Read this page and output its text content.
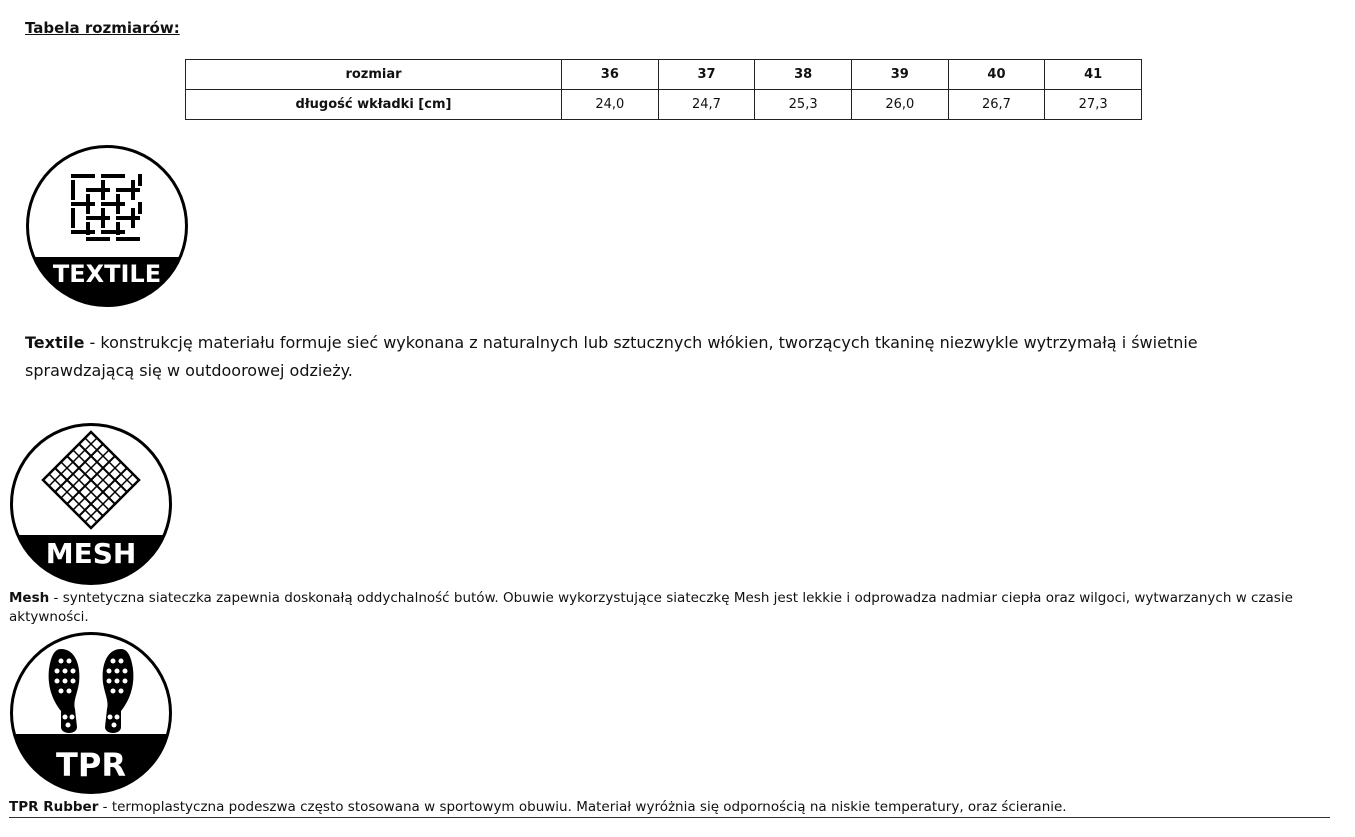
Tabela rozmiarów:
rozmiar	36	37	38	39	40	41
długość wkładki [cm]	24,0	24,7	25,3	26,0	26,7	27,3
TEXTILE
Textile - konstrukcję materiału formuje sieć wykonana z naturalnych lub sztucznych włókien, tworzących tkaninę niezwykle wytrzymałą i świetnie sprawdzającą się w outdoorowej odzieży.
MESH
Mesh - syntetyczna siateczka zapewnia doskonałą oddychalność butów. Obuwie wykorzystujące siateczkę Mesh jest lekkie i odprowadza nadmiar ciepła oraz wilgoci, wytwarzanych w czasie aktywności.
TPR
TPR Rubber - termoplastyczna podeszwa często stosowana w sportowym obuwiu. Materiał wyróżnia się odpornością na niskie temperatury, oraz ścieranie.
